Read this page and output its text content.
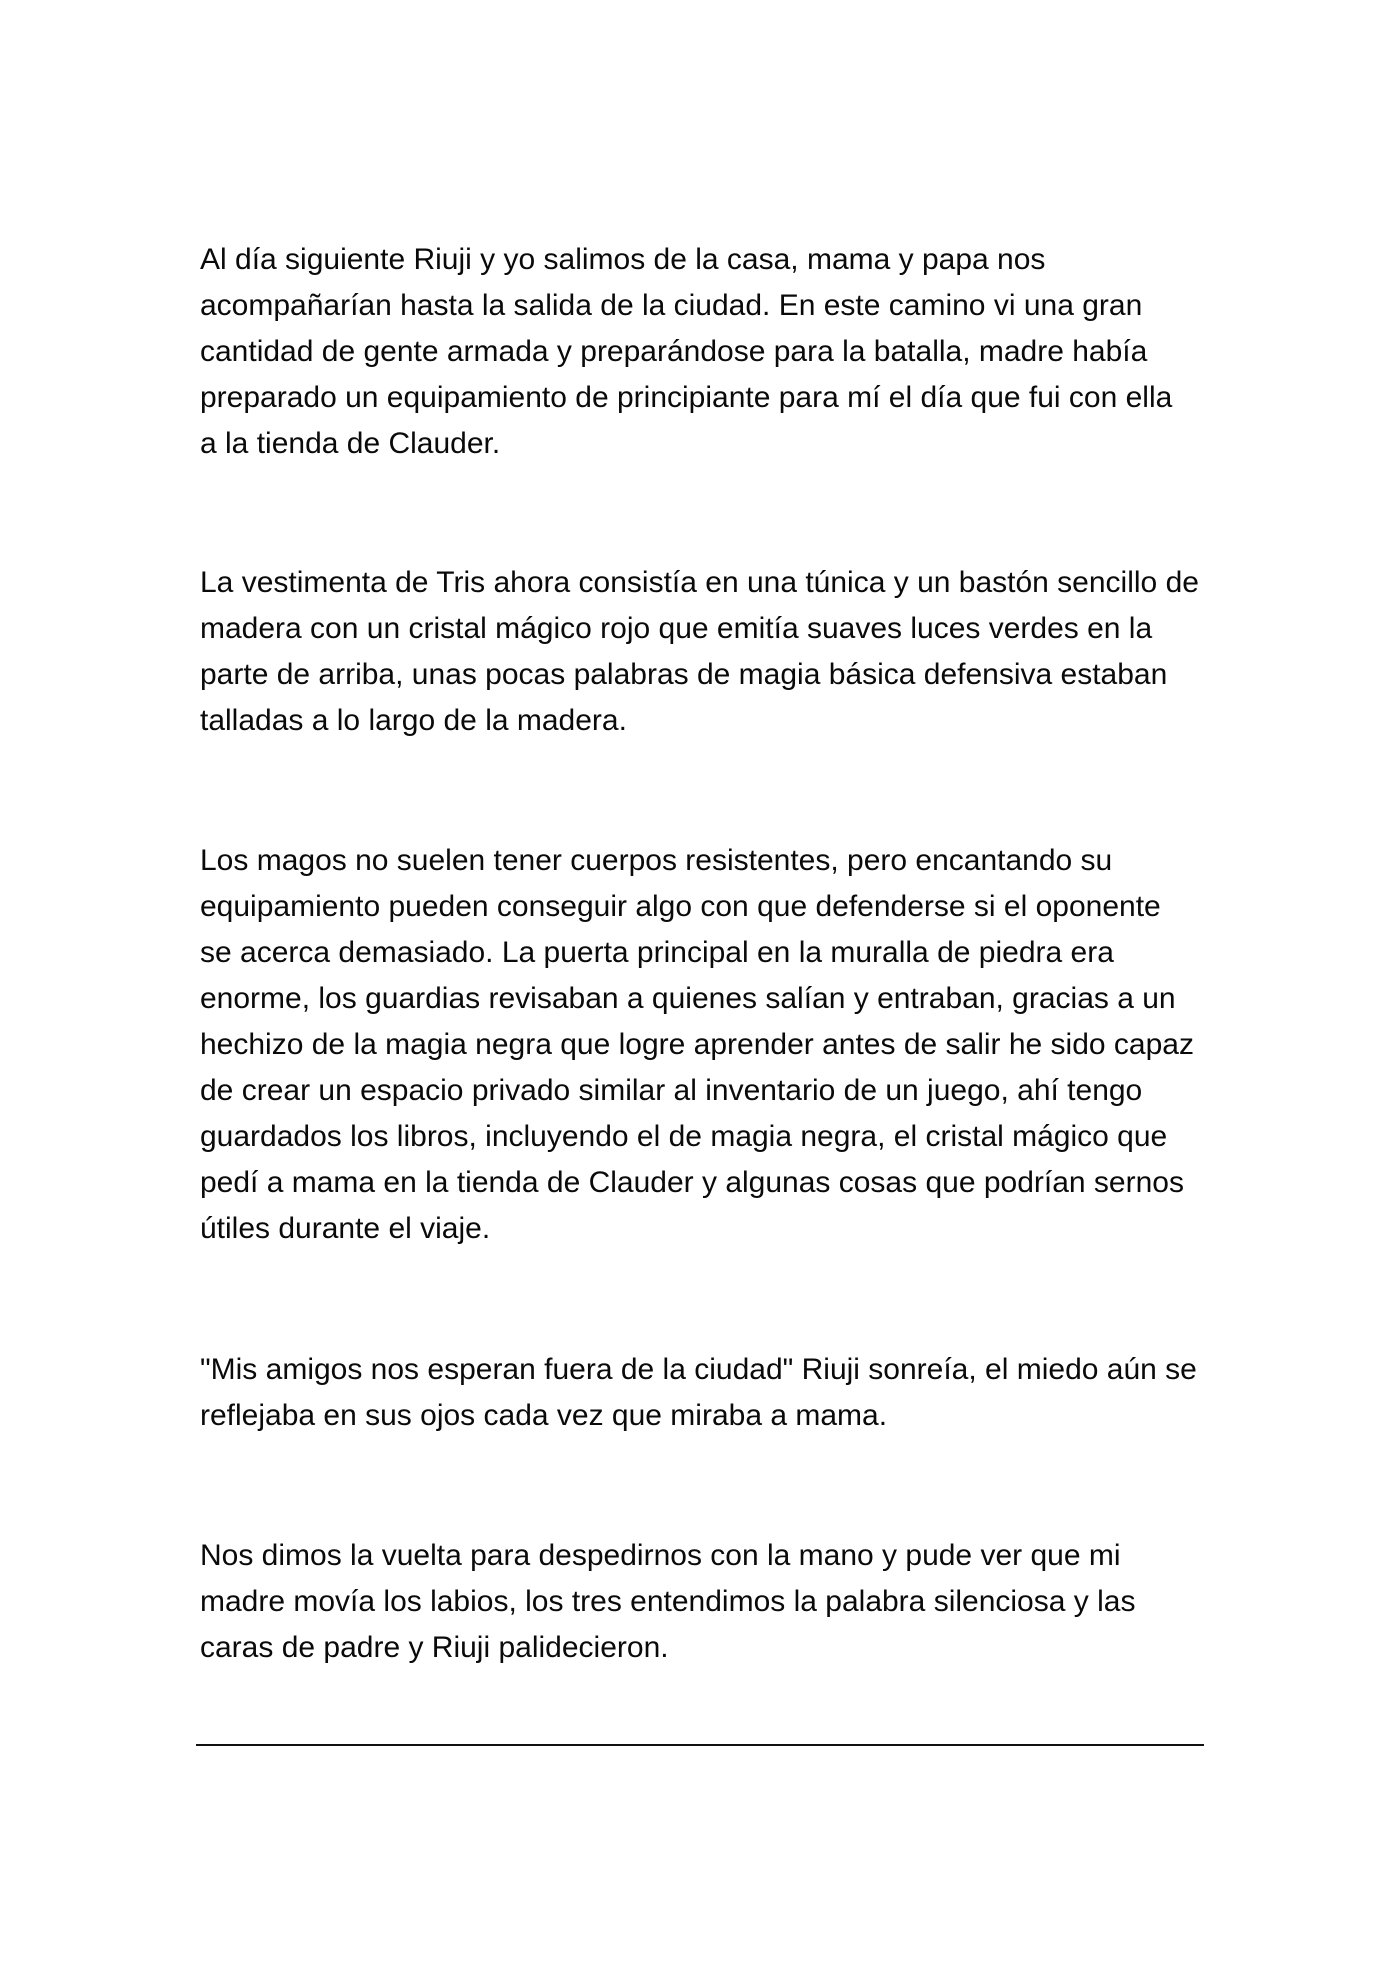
Al día siguiente Riuji y yo salimos de la casa, mama y papa nos
acompañarían hasta la salida de la ciudad. En este camino vi una gran
cantidad de gente armada y preparándose para la batalla, madre había
preparado un equipamiento de principiante para mí el día que fui con ella
a la tienda de Clauder.
La vestimenta de Tris ahora consistía en una túnica y un bastón sencillo de
madera con un cristal mágico rojo que emitía suaves luces verdes en la
parte de arriba, unas pocas palabras de magia básica defensiva estaban
talladas a lo largo de la madera.
Los magos no suelen tener cuerpos resistentes, pero encantando su
equipamiento pueden conseguir algo con que defenderse si el oponente
se acerca demasiado. La puerta principal en la muralla de piedra era
enorme, los guardias revisaban a quienes salían y entraban, gracias a un
hechizo de la magia negra que logre aprender antes de salir he sido capaz
de crear un espacio privado similar al inventario de un juego, ahí tengo
guardados los libros, incluyendo el de magia negra, el cristal mágico que
pedí a mama en la tienda de Clauder y algunas cosas que podrían sernos
útiles durante el viaje.
"Mis amigos nos esperan fuera de la ciudad" Riuji sonreía, el miedo aún se
reflejaba en sus ojos cada vez que miraba a mama.
Nos dimos la vuelta para despedirnos con la mano y pude ver que mi
madre movía los labios, los tres entendimos la palabra silenciosa y las
caras de padre y Riuji palidecieron.
